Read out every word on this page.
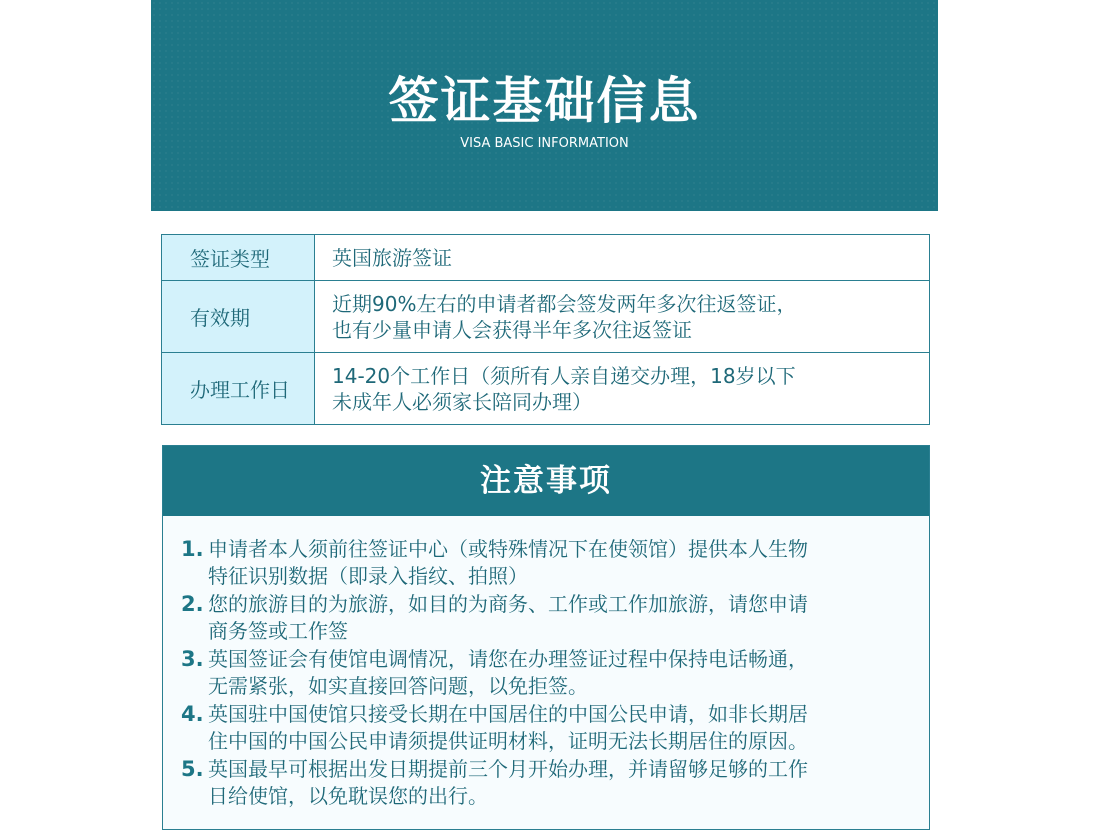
签证基础信息
VISA BASIC INFORMATION
签证类型	英国旅游签证
有效期
近期90%左右的申请者都会签发两年多次往返签证，
也有少量申请人会获得半年多次往返签证
办理工作日
14-20个工作日（须所有人亲自递交办理，18岁以下
未成年人必须家长陪同办理）
注意事项
1. 申请者本人须前往签证中心（或特殊情况下在使领馆）提供本人生物
特征识别数据（即录入指纹、拍照）
2. 您的旅游目的为旅游，如目的为商务、工作或工作加旅游，请您申请
商务签或工作签
3. 英国签证会有使馆电调情况，请您在办理签证过程中保持电话畅通，
无需紧张，如实直接回答问题，以免拒签。
4. 英国驻中国使馆只接受长期在中国居住的中国公民申请，如非长期居
住中国的中国公民申请须提供证明材料，证明无法长期居住的原因。
5. 英国最早可根据出发日期提前三个月开始办理，并请留够足够的工作
日给使馆，以免耽误您的出行。
